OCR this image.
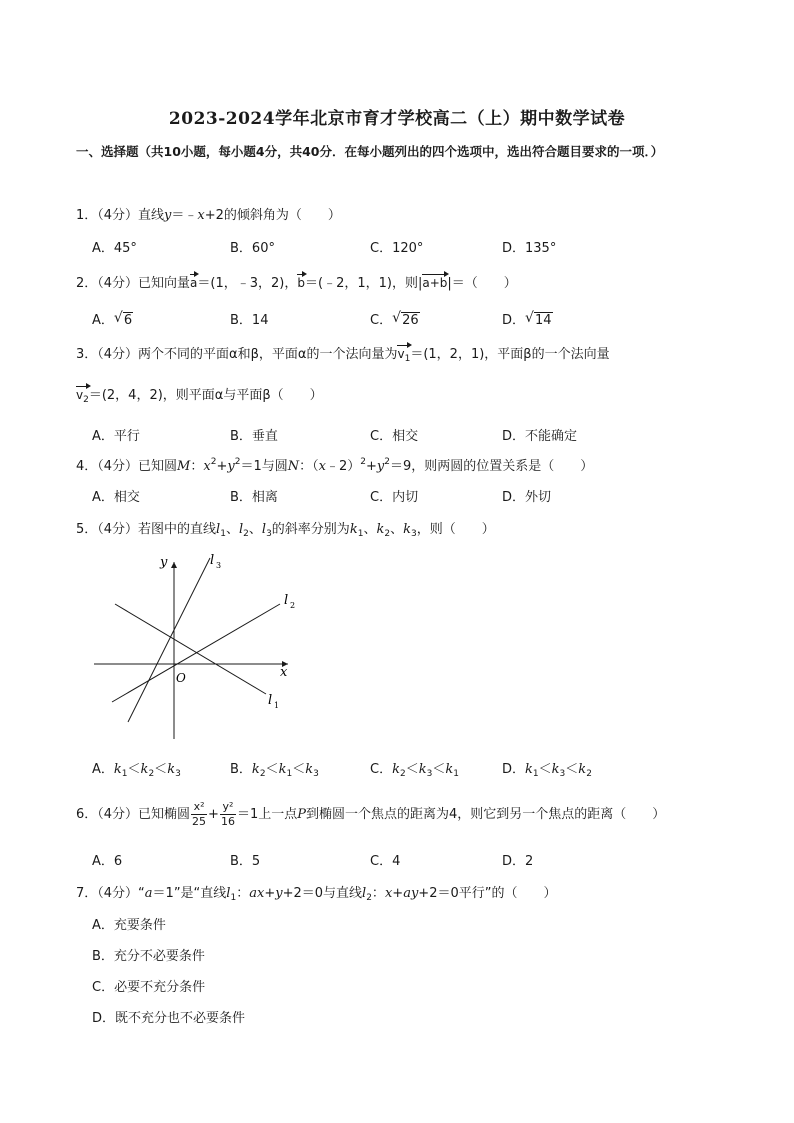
2023-2024学年北京市育才学校高二（上）期中数学试卷
一、选择题（共10小题，每小题4分，共40分．在每小题列出的四个选项中，选出符合题目要求的一项．）
1．（4分）直线y＝﹣x+2的倾斜角为（　　）
A．45°	B．60°	C．120°	D．135°
2．（4分）已知向量a＝(1，﹣3，2)，b＝(﹣2，1，1)，则|a+b|＝（　　）
A． √ 6	B．14	C． √ 26	D． √ 14
3．（4分）两个不同的平面α和β，平面α的一个法向量为$v_1=(1$，2，1)，平面β的一个法向量
$v_2=(2$，4，2)，则平面α与平面β（　　）
A．平行	B．垂直	C．相交	D．不能确定
4．（4分）已知圆M：$x^2+y^2=1$与圆N：$(x﹣2)^2+y^2=9$，则两圆的位置关系是（　　）
A．相交	B．相离	C．内切	D．外切
5．（4分）若图中的直线$l_1$、$l_2$、$l_3$的斜率分别为$k_1$、$k_2$、$k_3$，则（　　）
y
x
O
l 3
l 2
l 1
A．$k_1<k_2<k_3$	B．$k_2<k_1<k_3$	C．$k_2<k_3<k_1$	D．$k_1<k_3<k_2$
6．（4分）已知椭圆 $\frac{\text{x²}}{25} + \frac{\text{y²}}{16} =1$上一点P到椭圆一个焦点的距离为4，则它到另一个焦点的距离（　　）
A．6	B．5	C．4	D．2
7．（4分）“a＝1”是“直线$l_1$：ax+y+2＝0与直线$l_2$：x+ay+2＝0平行”的（　　）
A．充要条件
B．充分不必要条件
C．必要不充分条件
D．既不充分也不必要条件
